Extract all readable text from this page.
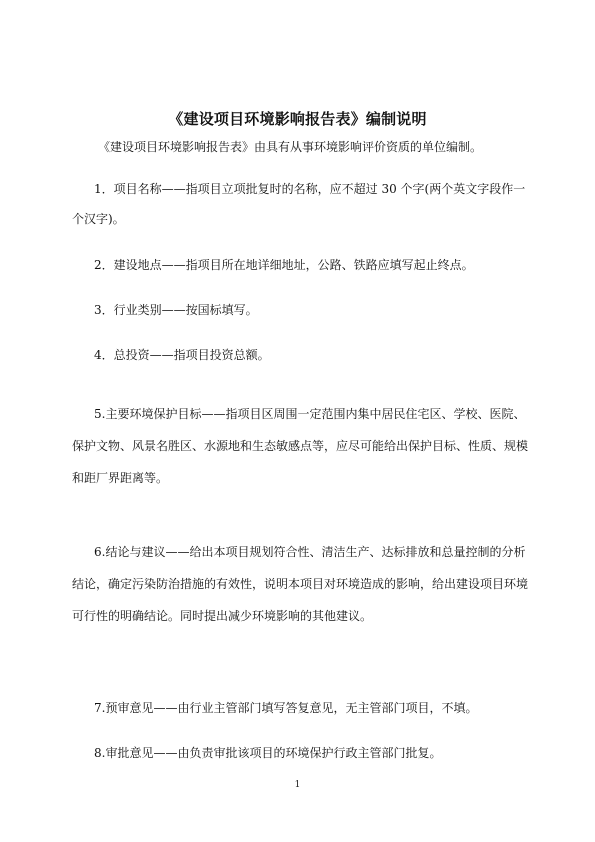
《建设项目环境影响报告表》编制说明
《建设项目环境影响报告表》由具有从事环境影响评价资质的单位编制。
1．项目名称——指项目立项批复时的名称，应不超过 30 个字(两个英文字段作一
个汉字)。
2．建设地点——指项目所在地详细地址，公路、铁路应填写起止终点。
3．行业类别——按国标填写。
4．总投资——指项目投资总额。
5.主要环境保护目标——指项目区周围一定范围内集中居民住宅区、学校、医院、
保护文物、风景名胜区、水源地和生态敏感点等，应尽可能给出保护目标、性质、规模
和距厂界距离等。
6.结论与建议——给出本项目规划符合性、清洁生产、达标排放和总量控制的分析
结论，确定污染防治措施的有效性，说明本项目对环境造成的影响，给出建设项目环境
可行性的明确结论。同时提出减少环境影响的其他建议。
7.预审意见——由行业主管部门填写答复意见，无主管部门项目，不填。
8.审批意见——由负责审批该项目的环境保护行政主管部门批复。
1
